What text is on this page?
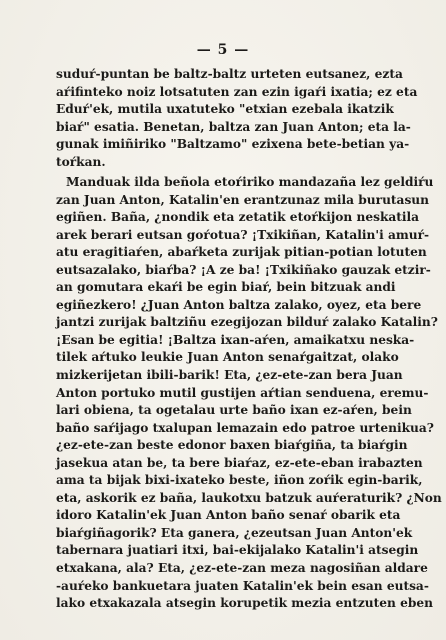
— 5 —
suduŕ-puntan be baltz-baltz urteten eutsanez, ezta
aŕifinteko noiz lotsatuten zan ezin igaŕi ixatia; ez eta
Eduŕ'ek, mutila uxatuteko "etxian ezebala ikatzik
biaŕ" esatia. Benetan, baltza zan Juan Anton; eta la-
gunak imiñiriko "Baltzamo" ezixena bete-betian ya-
toŕkan.
Manduak ilda beñola etoŕiriko mandazaña lez geldiŕu
zan Juan Anton, Katalin'en erantzunaz mila burutasun
egiñen. Baña, ¿nondik eta zetatik etoŕkijon neskatila
arek berari eutsan goŕotua? ¡Txikiñan, Katalin'i amuŕ-
atu eragitiaŕen, abaŕketa zurijak pitian-potian lotuten
eutsazalako, biaŕba? ¡A ze ba! ¡Txikiñako gauzak etzir-
an gomutara ekaŕi be egin biaŕ, bein bitzuak andi
egiñezkero! ¿Juan Anton baltza zalako, oyez, eta bere
jantzi zurijak baltziñu ezegijozan bilduŕ zalako Katalin?
¡Esan be egitia! ¡Baltza ixan-aŕen, amaikatxu neska-
tilek aŕtuko leukie Juan Anton senaŕgaitzat, olako
mizkerijetan ibili-barik! Eta, ¿ez-ete-zan bera Juan
Anton portuko mutil gustijen aŕtian senduena, eremu-
lari obiena, ta ogetalau urte baño ixan ez-aŕen, bein
baño saŕijago txalupan lemazain edo patroe urtenikua?
¿ez-ete-zan beste edonor baxen biaŕgiña, ta biaŕgin
jasekua atan be, ta bere biaŕaz, ez-ete-eban irabazten
ama ta bijak bixi-ixateko beste, iñon zoŕik egin-barik,
eta, askorik ez baña, laukotxu batzuk auŕeraturik? ¿Non
idoro Katalin'ek Juan Anton baño senaŕ obarik eta
biaŕgiñagorik? Eta ganera, ¿ezeutsan Juan Anton'ek
tabernara juatiari itxi, bai-ekijalako Katalin'i atsegin
etxakana, ala? Eta, ¿ez-ete-zan meza nagosiñan aldare
-auŕeko bankuetara juaten Katalin'ek bein esan eutsa-
lako etxakazala atsegin korupetik mezia entzuten eben
